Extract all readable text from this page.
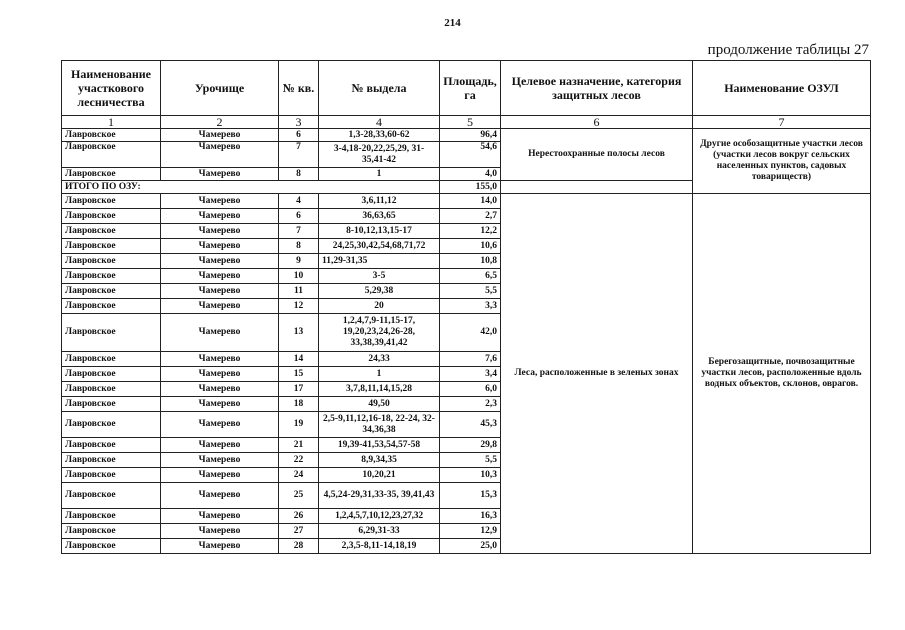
214
продолжение таблицы 27
Наименование участкового лесничества	Урочище	№ кв.	№ выдела	Площадь, га	Целевое назначение, категория защитных лесов	Наименование ОЗУЛ
1	2	3	4	5	6	7
Лавровское	Чамерево	6	1,3-28,33,60-62	96,4	Нерестоохранные полосы лесов	Другие особозащитные участки лесов (участки лесов вокруг сельских населенных пунктов, садовых товариществ)
Лавровское	Чамерево	7	3-4,18-20,22,25,29, 31-35,41-42	54,6		
Лавровское	Чамерево	8	1	4,0		
ИТОГО ПО ОЗУ:				155,0		
Лавровское	Чамерево	4	3,6,11,12	14,0	Леса, расположенные в зеленых зонах	Берегозащитные, почвозащитные участки лесов, расположенные вдоль водных объектов, склонов, оврагов.
Лавровское	Чамерево	6	36,63,65	2,7		
Лавровское	Чамерево	7	8-10,12,13,15-17	12,2		
Лавровское	Чамерево	8	24,25,30,42,54,68,71,72	10,6		
Лавровское	Чамерево	9	11,29-31,35	10,8		
Лавровское	Чамерево	10	3-5	6,5		
Лавровское	Чамерево	11	5,29,38	5,5		
Лавровское	Чамерево	12	20	3,3		
Лавровское	Чамерево	13	1,2,4,7,9-11,15-17, 19,20,23,24,26-28, 33,38,39,41,42	42,0		
Лавровское	Чамерево	14	24,33	7,6		
Лавровское	Чамерево	15	1	3,4		
Лавровское	Чамерево	17	3,7,8,11,14,15,28	6,0		
Лавровское	Чамерево	18	49,50	2,3		
Лавровское	Чамерево	19	2,5-9,11,12,16-18, 22-24, 32-34,36,38	45,3		
Лавровское	Чамерево	21	19,39-41,53,54,57-58	29,8		
Лавровское	Чамерево	22	8,9,34,35	5,5		
Лавровское	Чамерево	24	10,20,21	10,3		
Лавровское	Чамерево	25	4,5,24-29,31,33-35, 39,41,43	15,3		
Лавровское	Чамерево	26	1,2,4,5,7,10,12,23,27,32	16,3		
Лавровское	Чамерево	27	6,29,31-33	12,9		
Лавровское	Чамерево	28	2,3,5-8,11-14,18,19	25,0		
